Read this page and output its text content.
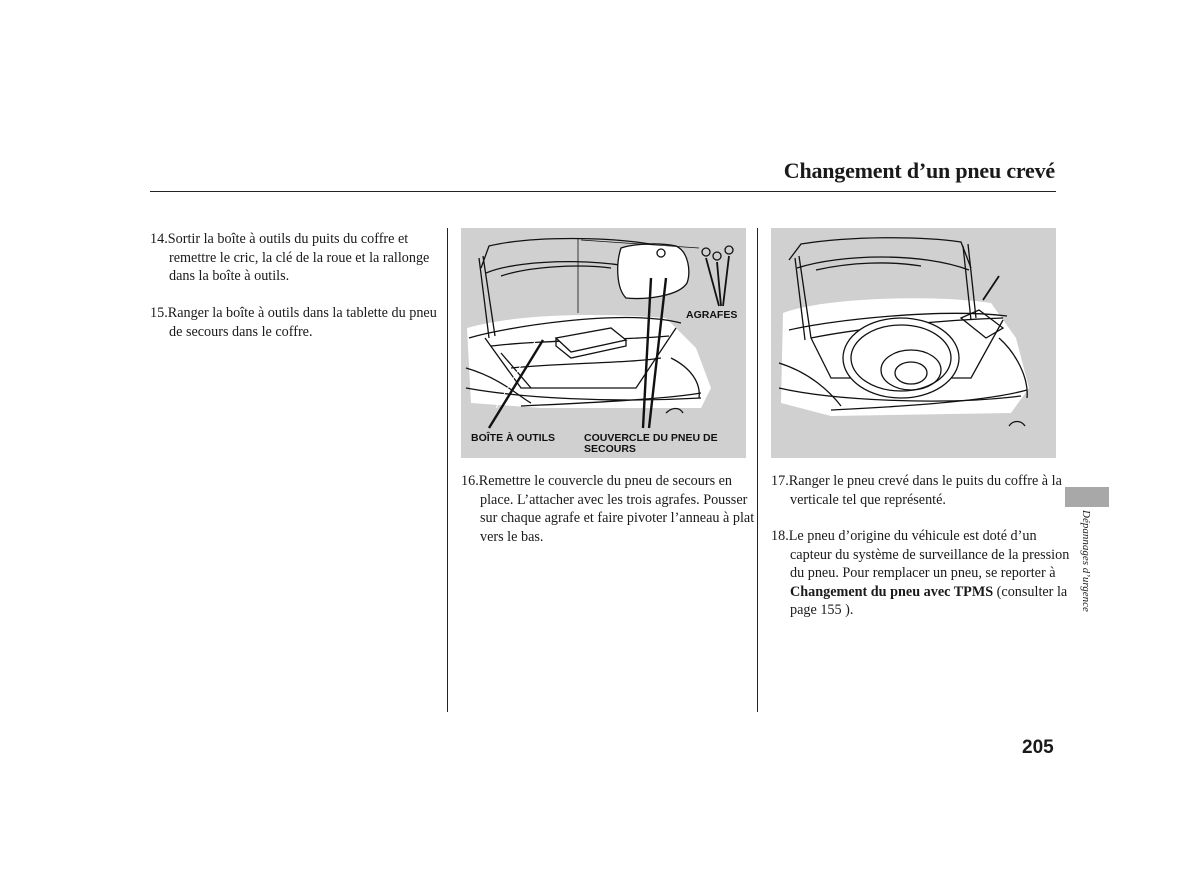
Changement d’un pneu crevé
14.Sortir la boîte à outils du puits du coffre et remettre le cric, la clé de la roue et la rallonge dans la boîte à outils.
15.Ranger la boîte à outils dans la tablette du pneu de secours dans le coffre.
AGRAFES
BOÎTE À OUTILS	COUVERCLE DU PNEU DE SECOURS
16.Remettre le couvercle du pneu de secours en place. L’attacher avec les trois agrafes. Pousser sur chaque agrafe et faire pivoter l’anneau à plat vers le bas.
17.Ranger le pneu crevé dans le puits du coffre à la verticale tel que représenté.
18.Le pneu d’origine du véhicule est doté d’un capteur du système de surveillance de la pression du pneu. Pour remplacer un pneu, se reporter à Changement du pneu avec TPMS (consulter la page 155 ).	Dépannages d’urgence
205
